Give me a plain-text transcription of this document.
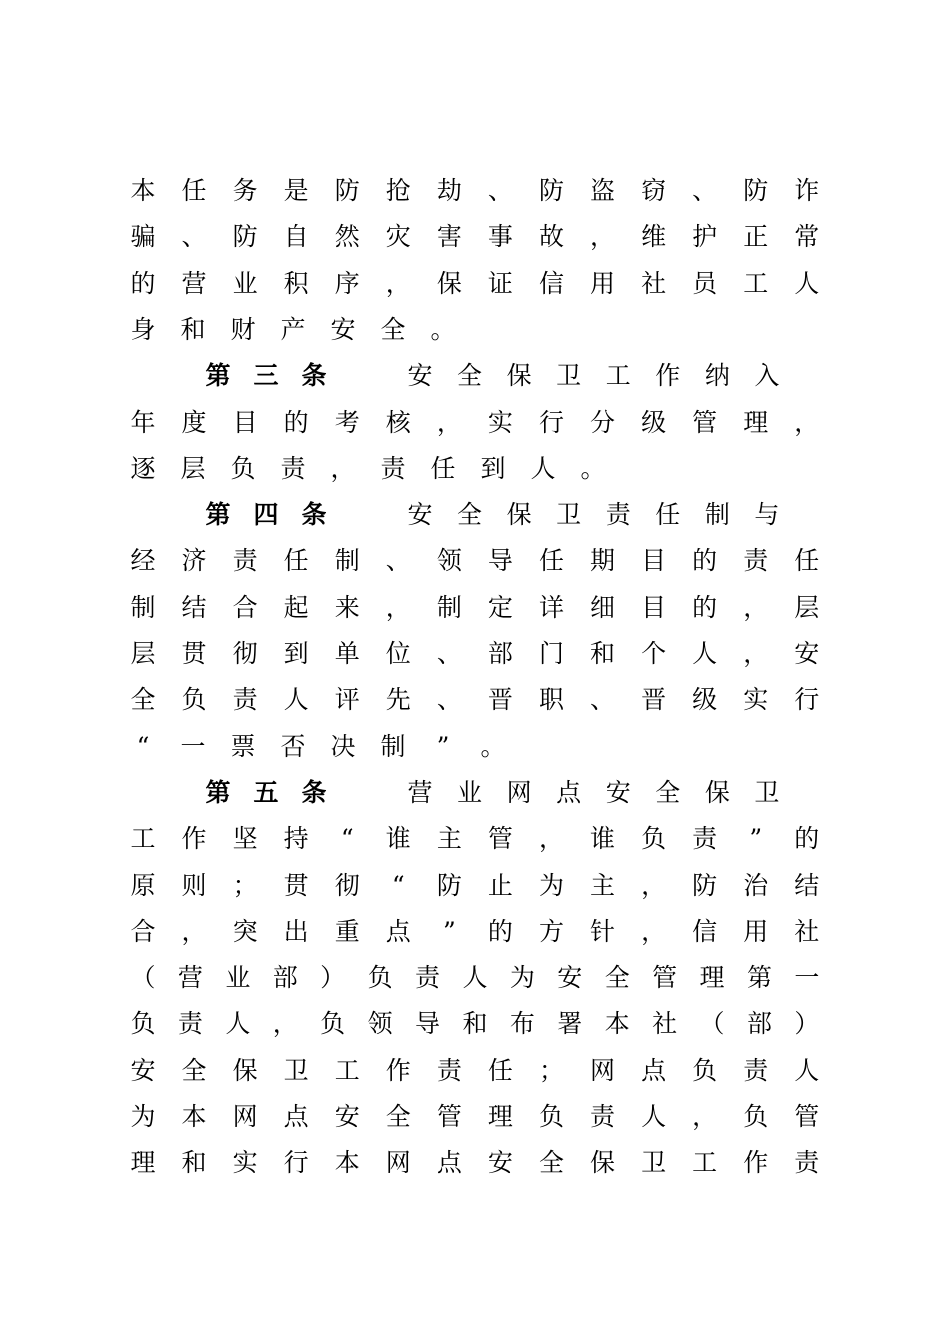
本 任 务 是 防 抢 劫 、 防 盗 窃 、 防 诈
骗 、 防 自 然 灾 害 事 故 ， 维 护 正 常
的 营 业 积 序 ， 保 证 信 用 社 员 工 人
身 和 财 产 安 全 。
第 三 条	安 全 保 卫 工 作 纳 入
年 度 目 的 考 核 ， 实 行 分 级 管 理 ，
逐 层 负 责 ， 责 任 到 人 。
第 四 条	安 全 保 卫 责 任 制 与
经 济 责 任 制 、 领 导 任 期 目 的 责 任
制 结 合 起 来 ， 制 定 详 细 目 的 ， 层
层 贯 彻 到 单 位 、 部 门 和 个 人 ， 安
全 负 责 人 评 先 、 晋 职 、 晋 级 实 行
“ 一 票 否 决 制 ” 。
第 五 条	营 业 网 点 安 全 保 卫
工 作 坚 持 “ 谁 主 管 ， 谁 负 责 ” 的
原 则 ； 贯 彻 “ 防 止 为 主 ， 防 治 结
合 ， 突 出 重 点 ” 的 方 针 ， 信 用 社
（ 营 业 部 ） 负 责 人 为 安 全 管 理 第 一
负 责 人 ， 负 领 导 和 布 署 本 社 （ 部 ）
安 全 保 卫 工 作 责 任 ； 网 点 负 责 人
为 本 网 点 安 全 管 理 负 责 人 ， 负 管
理 和 实 行 本 网 点 安 全 保 卫 工 作 责
